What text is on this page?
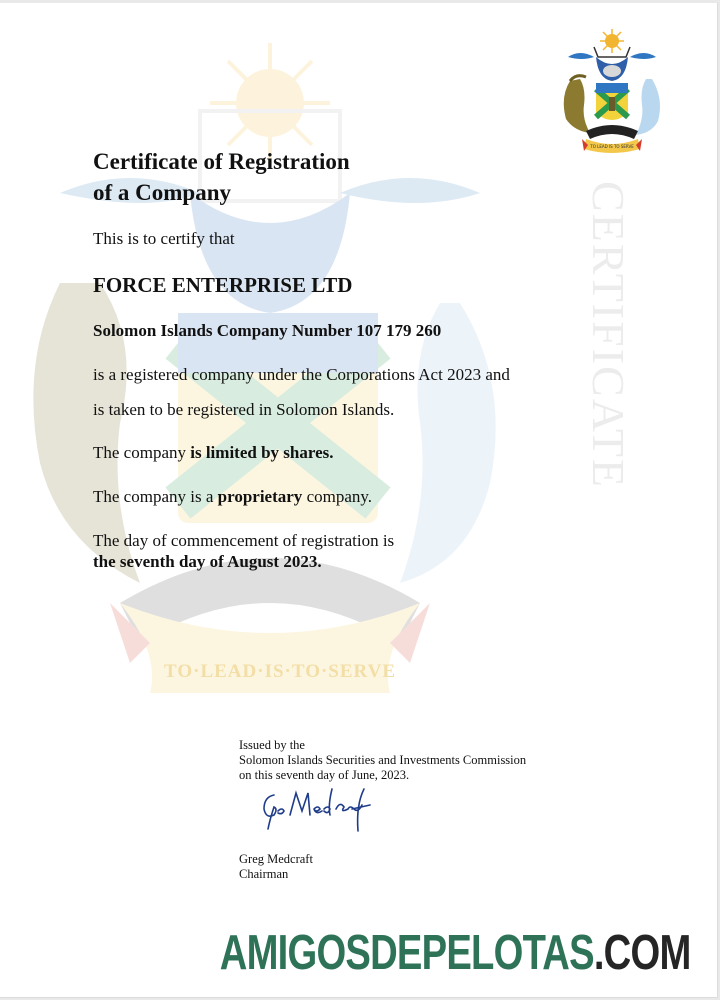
TO·LEAD·IS·TO·SERVE
CERTIFICATE
TO LEAD IS TO SERVE
Certificate of Registration
of a Company
This is to certify that
FORCE ENTERPRISE LTD
Solomon Islands Company Number 107 179 260
is a registered company under the Corporations Act 2023 and
is taken to be registered in Solomon Islands.
The company is limited by shares.
The company is a proprietary company.
The day of commencement of registration is
the seventh day of August 2023.
Issued by the
Solomon Islands Securities and Investments Commission
on this seventh day of June, 2023.
Greg Medcraft
Chairman
AMIGOSDEPELOTAS.COM
